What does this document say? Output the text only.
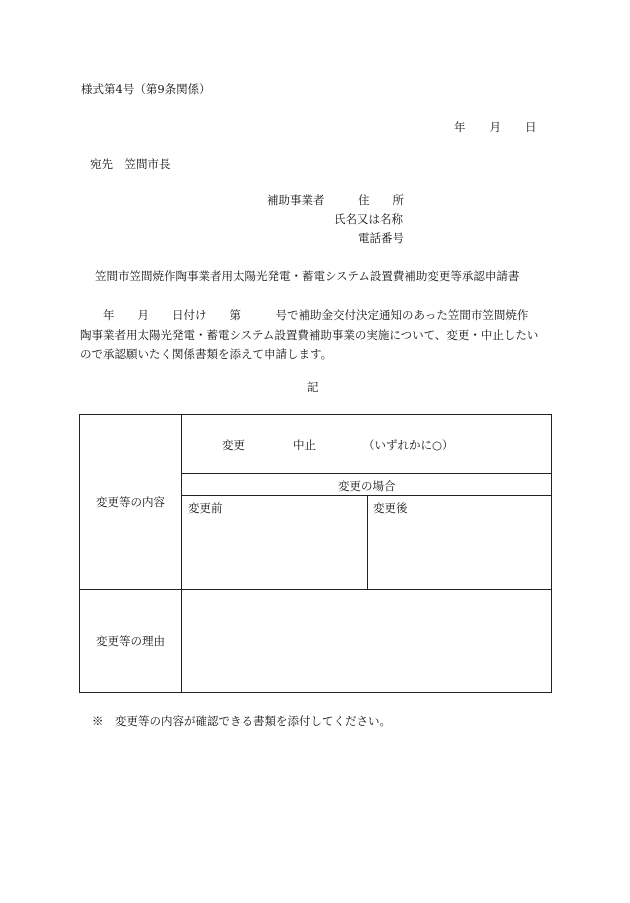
様式第4号（第9条関係）
年 月 日
宛先　笠間市長
補助事業者	住　　所
氏名又は名称
電話番号
笠間市笠間焼作陶事業者用太陽光発電・蓄電システム設置費補助変更等承認申請書

　　年　　月　　日付け　　第　　　号で補助金交付決定通知のあった笠間市笠間焼作

陶事業者用太陽光発電・蓄電システム設置費補助事業の実施について、変更・中止したい

ので承認願いたく関係書類を添えて申請します。

記
変更等の内容
変更	中止	（いずれかに○）
変更の場合
変更前	変更後
変更等の理由
※　変更等の内容が確認できる書類を添付してください。
